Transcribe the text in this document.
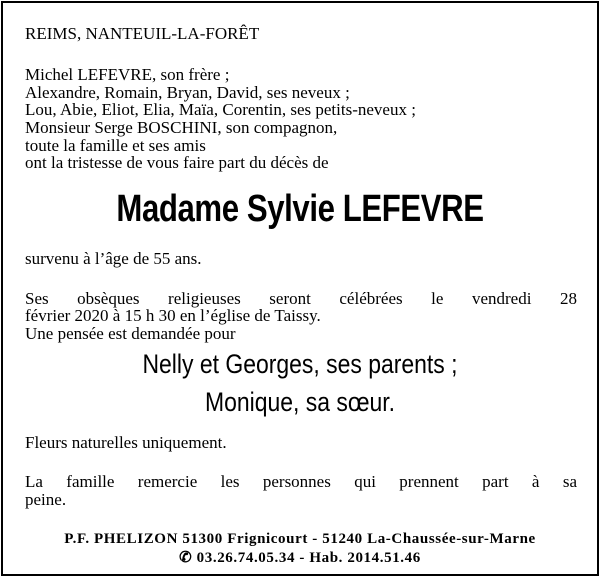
REIMS, NANTEUIL-LA-FORÊT
Michel LEFEVRE, son frère ;
Alexandre, Romain, Bryan, David, ses neveux ;
Lou, Abie, Eliot, Elia, Maïa, Corentin, ses petits-neveux ;
Monsieur Serge BOSCHINI, son compagnon,
toute la famille et ses amis
ont la tristesse de vous faire part du décès de
Madame Sylvie LEFEVRE
survenu à l’âge de 55 ans.
Ses obsèques religieuses seront célébrées le vendredi 28
février 2020 à 15 h 30 en l’église de Taissy.
Une pensée est demandée pour
Nelly et Georges, ses parents ;
Monique, sa sœur.
Fleurs naturelles uniquement.
La famille remercie les personnes qui prennent part à sa
peine.
P.F. PHELIZON 51300 Frignicourt - 51240 La-Chaussée-sur-Marne
✆ 03.26.74.05.34 - Hab. 2014.51.46
